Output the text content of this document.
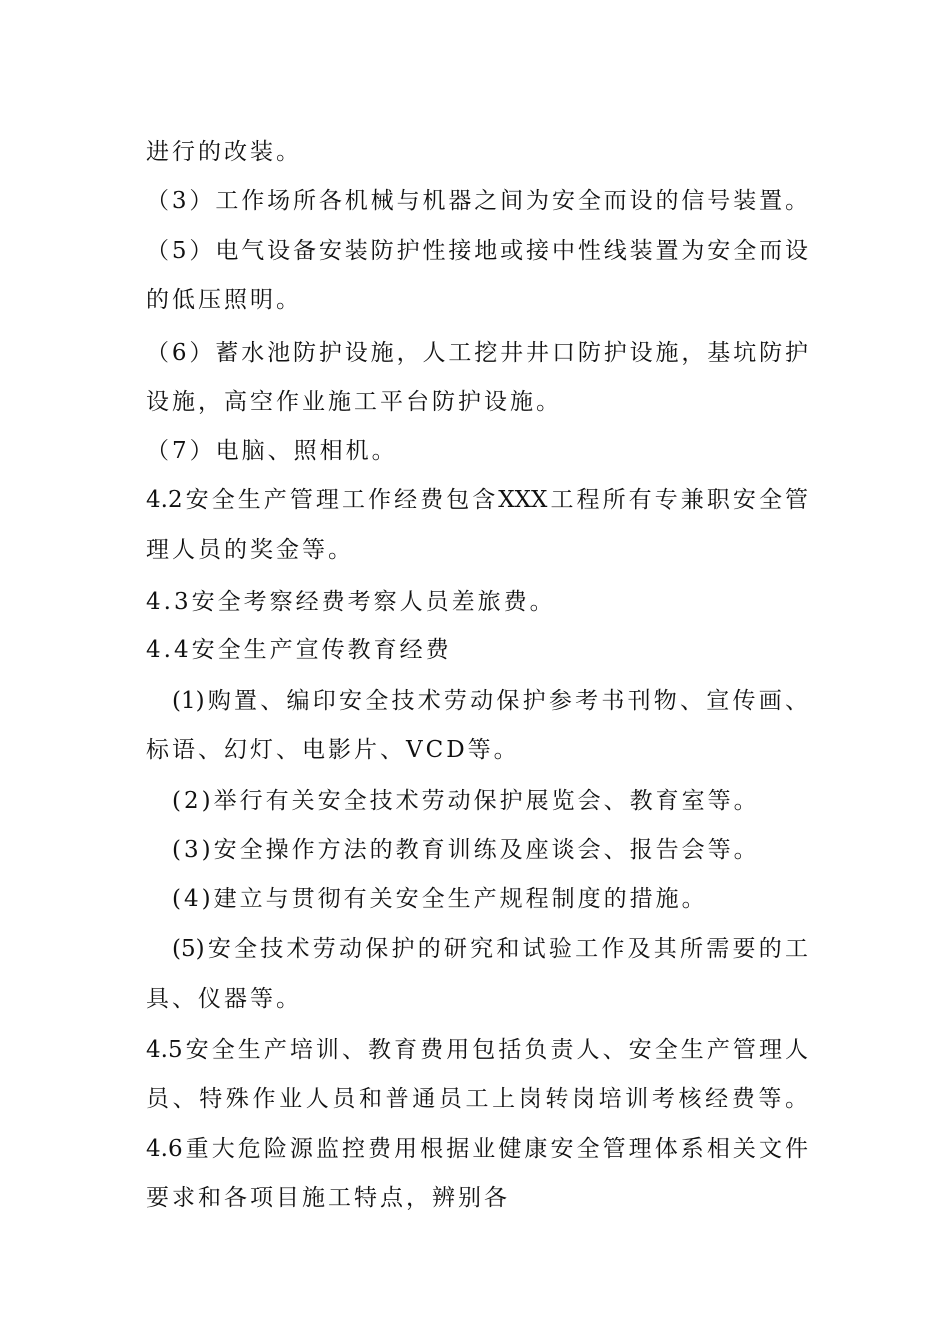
进行的改装。
（3）工作场所各机械与机器之间为安全而设的信号装置。
（5）电气设备安装防护性接地或接中性线装置为安全而设
的低压照明。
（6）蓄水池防护设施，人工挖井井口防护设施，基坑防护
设施，高空作业施工平台防护设施。
（7）电脑、照相机。
4.2安全生产管理工作经费包含XXX工程所有专兼职安全管
理人员的奖金等。
4.3安全考察经费考察人员差旅费。
4.4安全生产宣传教育经费
(1)购置、编印安全技术劳动保护参考书刊物、宣传画、
标语、幻灯、电影片、VCD等。
(2)举行有关安全技术劳动保护展览会、教育室等。
(3)安全操作方法的教育训练及座谈会、报告会等。
(4)建立与贯彻有关安全生产规程制度的措施。
(5)安全技术劳动保护的研究和试验工作及其所需要的工
具、仪器等。
4.5安全生产培训、教育费用包括负责人、安全生产管理人
员、特殊作业人员和普通员工上岗转岗培训考核经费等。
4.6重大危险源监控费用根据业健康安全管理体系相关文件
要求和各项目施工特点，辨别各
